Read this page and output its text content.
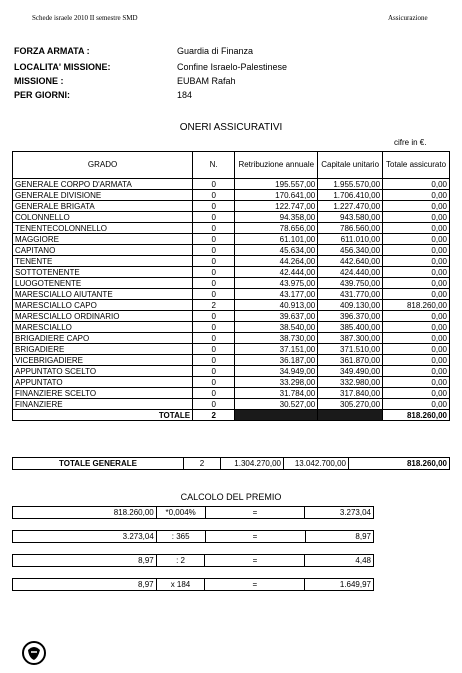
Schede israele 2010 II semestre SMD	Assicurazione
FORZA ARMATA :	Guardia di Finanza
LOCALITA' MISSIONE:	Confine Israelo-Palestinese
MISSIONE :	EUBAM Rafah
PER GIORNI:	184
ONERI ASSICURATIVI
cifre in €.
GRADO	N.	Retribuzione annuale	Capitale unitario	Totale assicurato
GENERALE CORPO D'ARMATA	0	195.557,00	1.955.570,00	0,00
GENERALE DIVISIONE	0	170.641,00	1.706.410,00	0,00
GENERALE BRIGATA	0	122.747,00	1.227.470,00	0,00
COLONNELLO	0	94.358,00	943.580,00	0,00
TENENTECOLONNELLO	0	78.656,00	786.560,00	0,00
MAGGIORE	0	61.101,00	611.010,00	0,00
CAPITANO	0	45.634,00	456.340,00	0,00
TENENTE	0	44.264,00	442.640,00	0,00
SOTTOTENENTE	0	42.444,00	424.440,00	0,00
LUOGOTENENTE	0	43.975,00	439.750,00	0,00
MARESCIALLO AIUTANTE	0	43.177,00	431.770,00	0,00
MARESCIALLO CAPO	2	40.913,00	409.130,00	818.260,00
MARESCIALLO ORDINARIO	0	39.637,00	396.370,00	0,00
MARESCIALLO	0	38.540,00	385.400,00	0,00
BRIGADIERE CAPO	0	38.730,00	387.300,00	0,00
BRIGADIERE	0	37.151,00	371.510,00	0,00
VICEBRIGADIERE	0	36.187,00	361.870,00	0,00
APPUNTATO SCELTO	0	34.949,00	349.490,00	0,00
APPUNTATO	0	33.298,00	332.980,00	0,00
FINANZIERE SCELTO	0	31.784,00	317.840,00	0,00
FINANZIERE	0	30.527,00	305.270,00	0,00
TOTALE	2			818.260,00
TOTALE GENERALE	2	1.304.270,00	13.042.700,00	818.260,00
CALCOLO DEL PREMIO
818.260,00	*0,004%	=	3.273,04
3.273,04	: 365	=	8,97
8,97	: 2	=	4,48
8,97	x 184	=	1.649,97
